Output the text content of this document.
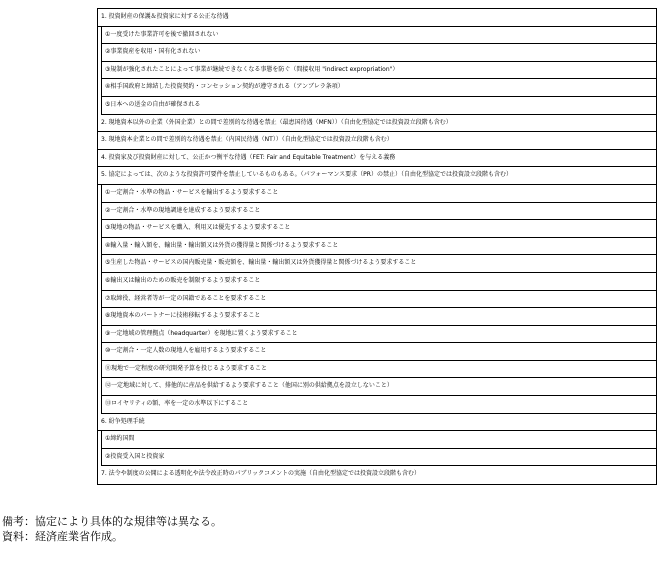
1. 投資財産の保護＆投資家に対する公正な待遇
①一度受けた事業許可を後で撤回されない
②事業資産を収用・国有化されない
③規制が強化されたことによって事業が継続できなくなる事態を防ぐ（間接収用 "indirect expropriation"）
④相手国政府と締結した投資契約・コンセッション契約が遵守される（アンブレラ条項）
⑤日本への送金の自由が確保される
2. 現地資本以外の企業（外国企業）との間で差別的な待遇を禁止（最恵国待遇（MFN））（自由化型協定では投資設立段階も含む）
3. 現地資本企業との間で差別的な待遇を禁止（内国民待遇（NT））（自由化型協定では投資設立段階も含む）
4. 投資家及び投資財産に対して、公正かつ衡平な待遇（FET: Fair and Equitable Treatment）を与える義務
5. 協定によっては、次のような投資許可要件を禁止しているものもある。（パフォーマンス要求（PR）の禁止）（自由化型協定では投資設立段階も含む）
①一定割合・水準の物品・サービスを輸出するよう要求すること
②一定割合・水準の現地調達を達成するよう要求すること
③現地の物品・サービスを購入、利用又は優先するよう要求すること
④輸入量・輸入額を、輸出量・輸出額又は外貨の獲得量と関係づけるよう要求すること
⑤生産した物品・サービスの国内販売量・販売額を、輸出量・輸出額又は外貨獲得量と関係づけるよう要求すること
⑥輸出又は輸出のための販売を制限するよう要求すること
⑦取締役、経営者等が一定の国籍であることを要求すること
⑧現地資本のパートナーに技術移転するよう要求すること
⑨一定地域の管理拠点（headquarter）を現地に置くよう要求すること
⑩一定割合・一定人数の現地人を雇用するよう要求すること
⑪現地で一定程度の研究開発予算を投じるよう要求すること
⑫一定地域に対して、排他的に産品を供給するよう要求すること（他国に別の供給拠点を設立しないこと）
⑬ロイヤリティの額、率を一定の水準以下にすること
6. 紛争処理手続
①締約国間
②投資受入国と投資家
7. 法令や制度の公開による透明化や法令改正時のパブリックコメントの実施（自由化型協定では投資設立段階も含む）
備考：協定により具体的な規律等は異なる。
資料：経済産業省作成。
